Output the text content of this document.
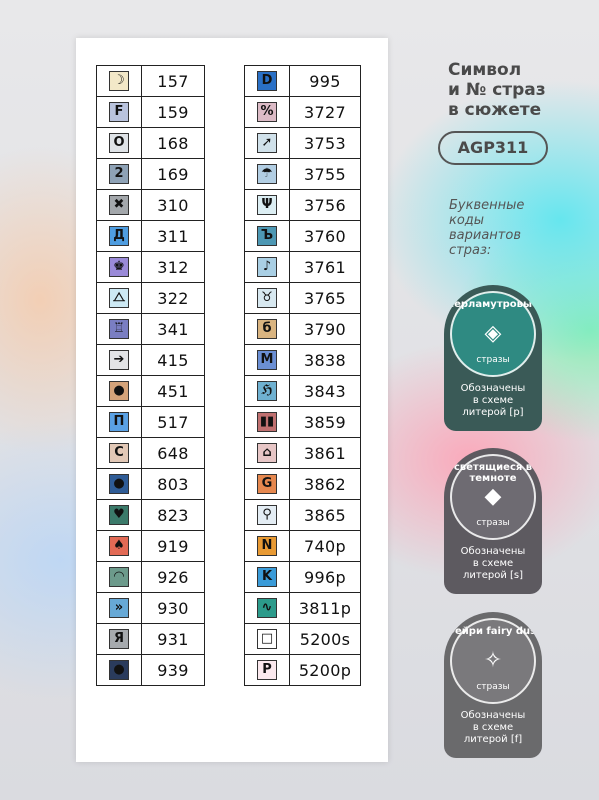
☽	157
F	159
O	168
2	169
✖	310
Д	311
♚	312
⧍	322
♖	341
➔	415
●	451
П	517
С	648
●	803
♥	823
♠	919
◠	926
»	930
Я	931
●	939
D	995
%	3727
➚	3753
☂	3755
Ψ	3756
Ъ	3760
♪	3761
♉	3765
б	3790
М	3838
ℌ	3843
▮▮	3859
⌂	3861
G	3862
⚲	3865
N	740p
K	996p
∿	3811p
□	5200s
P	5200p
Символ
и № страз
в сюжете
AGP311
Буквенные
коды
вариантов
страз:
перламутровые
◈
стразы
Обозначены
в схеме
литерой [p]
светящиеся в темноте
◆
стразы
Обозначены
в схеме
литерой [s]
Фейри fairy dust
✧
стразы
Обозначены
в схеме
литерой [f]
